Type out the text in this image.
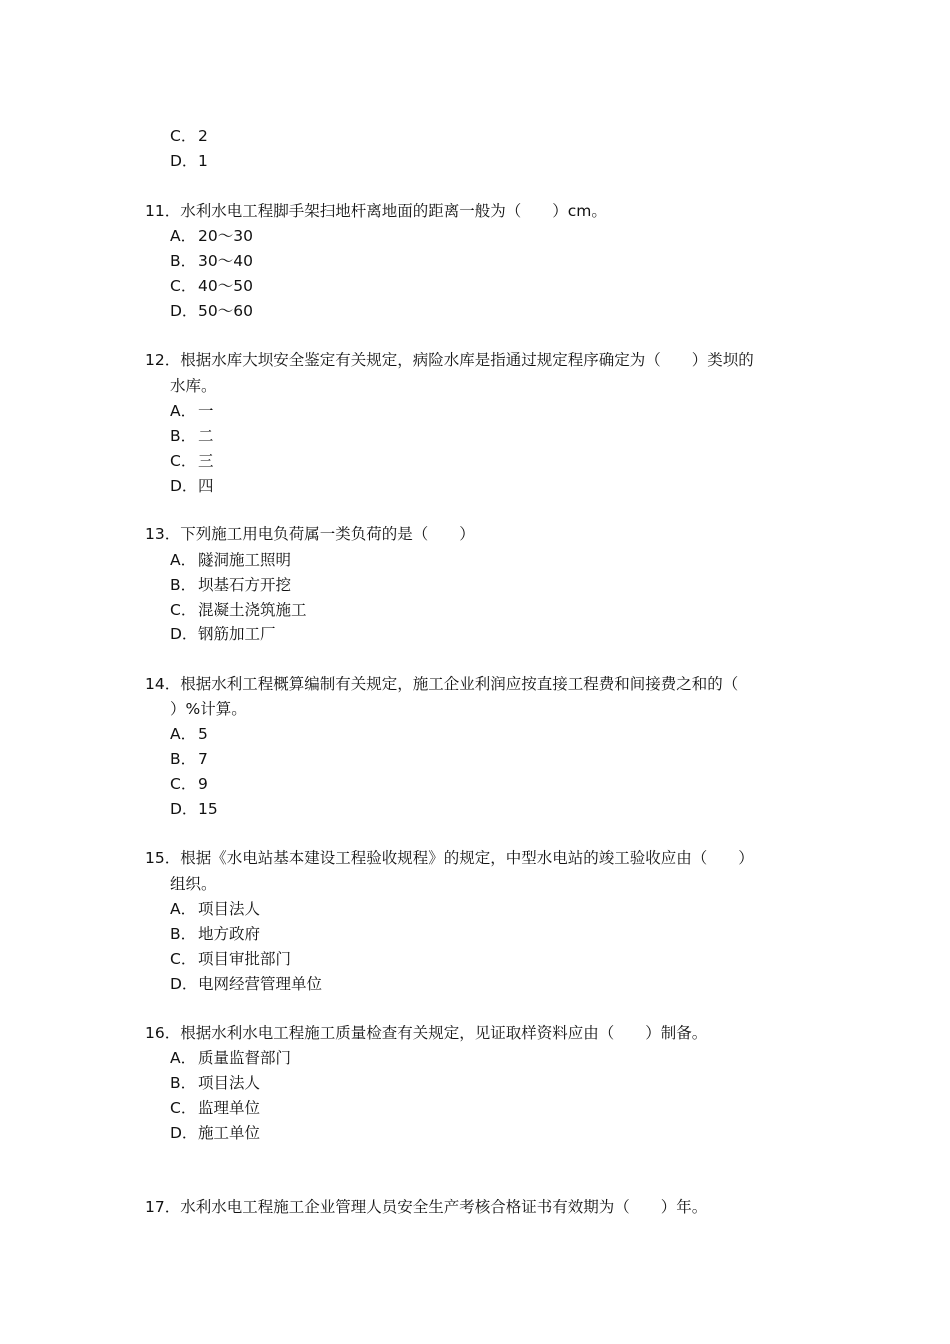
C． 2
D．1
11．水利水电工程脚手架扫地杆离地面的距离一般为（　　）cm。
A． 20～30
B． 30～40
C． 40～50
D．50～60
12．根据水库大坝安全鉴定有关规定，病险水库是指通过规定程序确定为（　　）类坝的
水库。
A． 一
B． 二
C． 三
D．四
13．下列施工用电负荷属一类负荷的是（　　）
A． 隧洞施工照明
B． 坝基石方开挖
C． 混凝土浇筑施工
D．钢筋加工厂
14．根据水利工程概算编制有关规定，施工企业利润应按直接工程费和间接费之和的（
）%计算。
A． 5
B． 7
C． 9
D．15
15．根据《水电站基本建设工程验收规程》的规定，中型水电站的竣工验收应由（　　）
组织。
A． 项目法人
B． 地方政府
C． 项目审批部门
D．电网经营管理单位
16．根据水利水电工程施工质量检查有关规定，见证取样资料应由（　　）制备。
A． 质量监督部门
B． 项目法人
C． 监理单位
D．施工单位
17．水利水电工程施工企业管理人员安全生产考核合格证书有效期为（　　）年。
